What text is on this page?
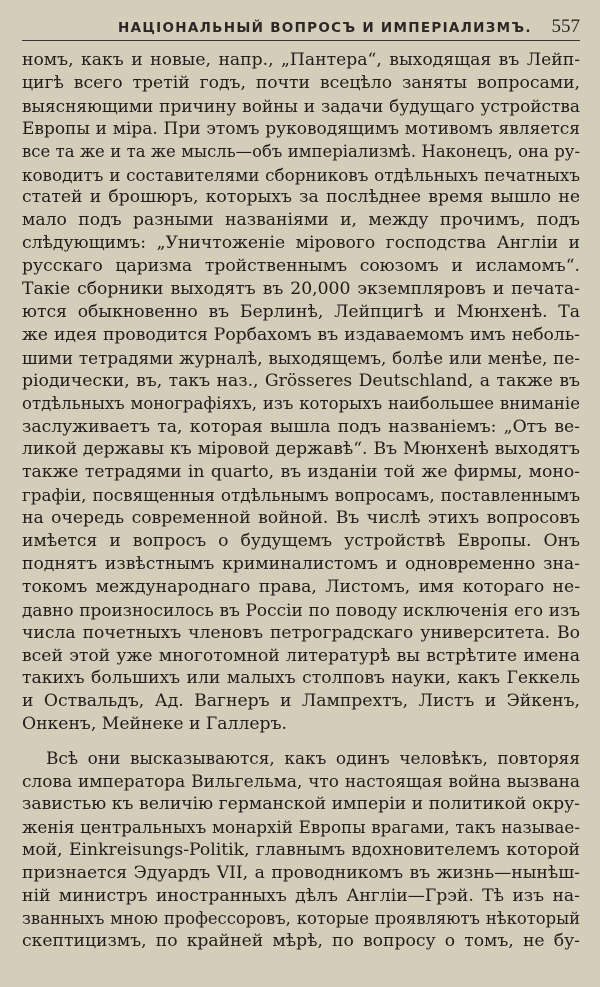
НАЦІОНАЛЬНЫЙ ВОПРОСЪ И ИМПЕРІАЛИЗМЪ. 557
номъ, какъ и новые, напр., „Пантера“, выходящая въ Лейп-
цигѣ всего третій годъ, почти всецѣло заняты вопросами,
выясняющими причину войны и задачи будущаго устройства
Европы и міра. При этомъ руководящимъ мотивомъ является
все та же и та же мысль—объ имперіализмѣ. Наконецъ, она ру-
ководитъ и составителями сборниковъ отдѣльныхъ печатныхъ
статей и брошюръ, которыхъ за послѣднее время вышло не
мало подъ разными названіями и, между прочимъ, подъ
слѣдующимъ: „Уничтоженіе мірового господства Англіи и
русскаго царизма тройственнымъ союзомъ и исламомъ“.
Такіе сборники выходятъ въ 20,000 экземпляровъ и печата-
ются обыкновенно въ Берлинѣ, Лейпцигѣ и Мюнхенѣ. Та
же идея проводится Рорбахомъ въ издаваемомъ имъ неболь-
шими тетрадями журналѣ, выходящемъ, болѣе или менѣе, пе-
ріодически, въ, такъ наз., Grösseres Deutschland, а также въ
отдѣльныхъ монографіяхъ, изъ которыхъ наибольшее вниманіе
заслуживаетъ та, которая вышла подъ названіемъ: „Отъ ве-
ликой державы къ міровой державѣ“. Въ Мюнхенѣ выходятъ
также тетрадями in quarto, въ изданіи той же фирмы, моно-
графіи, посвященныя отдѣльнымъ вопросамъ, поставленнымъ
на очередь современной войной. Въ числѣ этихъ вопросовъ
имѣется и вопросъ о будущемъ устройствѣ Европы. Онъ
поднятъ извѣстнымъ криминалистомъ и одновременно зна-
токомъ международнаго права, Листомъ, имя котораго не-
давно произносилось въ Россіи по поводу исключенія его изъ
числа почетныхъ членовъ петроградскаго университета. Во
всей этой уже многотомной литературѣ вы встрѣтите имена
такихъ большихъ или малыхъ столповъ науки, какъ Геккель
и Оствальдъ, Ад. Вагнеръ и Лампрехтъ, Листъ и Эйкенъ,
Онкенъ, Мейнеке и Галлеръ.
Всѣ они высказываются, какъ одинъ человѣкъ, повторяя
слова императора Вильгельма, что настоящая война вызвана
завистью къ величію германской имперіи и политикой окру-
женія центральныхъ монархій Европы врагами, такъ называе-
мой, Einkreisungs-Politik, главнымъ вдохновителемъ которой
признается Эдуардъ VII, а проводникомъ въ жизнь—нынѣш-
ній министръ иностранныхъ дѣлъ Англіи—Грэй. Тѣ изъ на-
званныхъ мною профессоровъ, которые проявляютъ нѣкоторый
скептицизмъ, по крайней мѣрѣ, по вопросу о томъ, не бу-
